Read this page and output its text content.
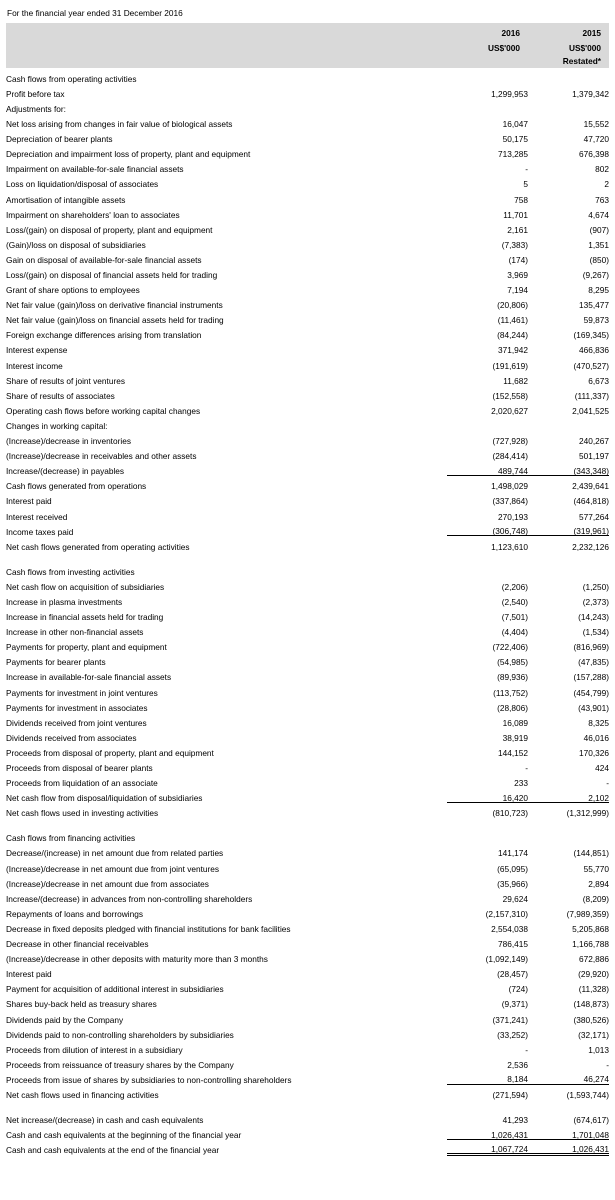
For the financial year ended 31 December 2016
	2016	2015
	US$'000	US$'000
		Restated*
Cash flows from operating activities		
Profit before tax	1,299,953	1,379,342
Adjustments for:		
Net loss arising from changes in fair value of biological assets	16,047	15,552
Depreciation of bearer plants	50,175	47,720
Depreciation and impairment loss of property, plant and equipment	713,285	676,398
Impairment on available-for-sale financial assets	-	802
Loss on liquidation/disposal of associates	5	2
Amortisation of intangible assets	758	763
Impairment on shareholders' loan to associates	11,701	4,674
Loss/(gain) on disposal of property, plant and equipment	2,161	(907)
(Gain)/loss on disposal of subsidiaries	(7,383)	1,351
Gain on disposal of available-for-sale financial assets	(174)	(850)
Loss/(gain) on disposal of financial assets held for trading	3,969	(9,267)
Grant of share options to employees	7,194	8,295
Net fair value (gain)/loss on derivative financial instruments	(20,806)	135,477
Net fair value (gain)/loss on financial assets held for trading	(11,461)	59,873
Foreign exchange differences arising from translation	(84,244)	(169,345)
Interest expense	371,942	466,836
Interest income	(191,619)	(470,527)
Share of results of joint ventures	11,682	6,673
Share of results of associates	(152,558)	(111,337)
Operating cash flows before working capital changes	2,020,627	2,041,525
Changes in working capital:		
(Increase)/decrease in inventories	(727,928)	240,267
(Increase)/decrease in receivables and other assets	(284,414)	501,197
Increase/(decrease) in payables	489,744	(343,348)
Cash flows generated from operations	1,498,029	2,439,641
Interest paid	(337,864)	(464,818)
Interest received	270,193	577,264
Income taxes paid	(306,748)	(319,961)
Net cash flows generated from operating activities	1,123,610	2,232,126

Cash flows from investing activities		
Net cash flow on acquisition of subsidiaries	(2,206)	(1,250)
Increase in plasma investments	(2,540)	(2,373)
Increase in financial assets held for trading	(7,501)	(14,243)
Increase in other non-financial assets	(4,404)	(1,534)
Payments for property, plant and equipment	(722,406)	(816,969)
Payments for bearer plants	(54,985)	(47,835)
Increase in available-for-sale financial assets	(89,936)	(157,288)
Payments for investment in joint ventures	(113,752)	(454,799)
Payments for investment in associates	(28,806)	(43,901)
Dividends received from joint ventures	16,089	8,325
Dividends received from associates	38,919	46,016
Proceeds from disposal of property, plant and equipment	144,152	170,326
Proceeds from disposal of bearer plants	-	424
Proceeds from liquidation of an associate	233	-
Net cash flow from disposal/liquidation of subsidiaries	16,420	2,102
Net cash flows used in investing activities	(810,723)	(1,312,999)

Cash flows from financing activities		
Decrease/(increase) in net amount due from related parties	141,174	(144,851)
(Increase)/decrease in net amount due from joint ventures	(65,095)	55,770
(Increase)/decrease in net amount due from associates	(35,966)	2,894
Increase/(decrease) in advances from non-controlling shareholders	29,624	(8,209)
Repayments of loans and borrowings	(2,157,310)	(7,989,359)
Decrease in fixed deposits pledged with financial institutions for bank facilities	2,554,038	5,205,868
Decrease in other financial receivables	786,415	1,166,788
(Increase)/decrease in other deposits with maturity more than 3 months	(1,092,149)	672,886
Interest paid	(28,457)	(29,920)
Payment for acquisition of additional interest in subsidiaries	(724)	(11,328)
Shares buy-back held as treasury shares	(9,371)	(148,873)
Dividends paid by the Company	(371,241)	(380,526)
Dividends paid to non-controlling shareholders by subsidiaries	(33,252)	(32,171)
Proceeds from dilution of interest in a subsidiary	-	1,013
Proceeds from reissuance of treasury shares by the Company	2,536	-
Proceeds from issue of shares by subsidiaries to non-controlling shareholders	8,184	46,274
Net cash flows used in financing activities	(271,594)	(1,593,744)

Net increase/(decrease) in cash and cash equivalents	41,293	(674,617)
Cash and cash equivalents at the beginning of the financial year	1,026,431	1,701,048
Cash and cash equivalents at the end of the financial year	1,067,724	1,026,431
